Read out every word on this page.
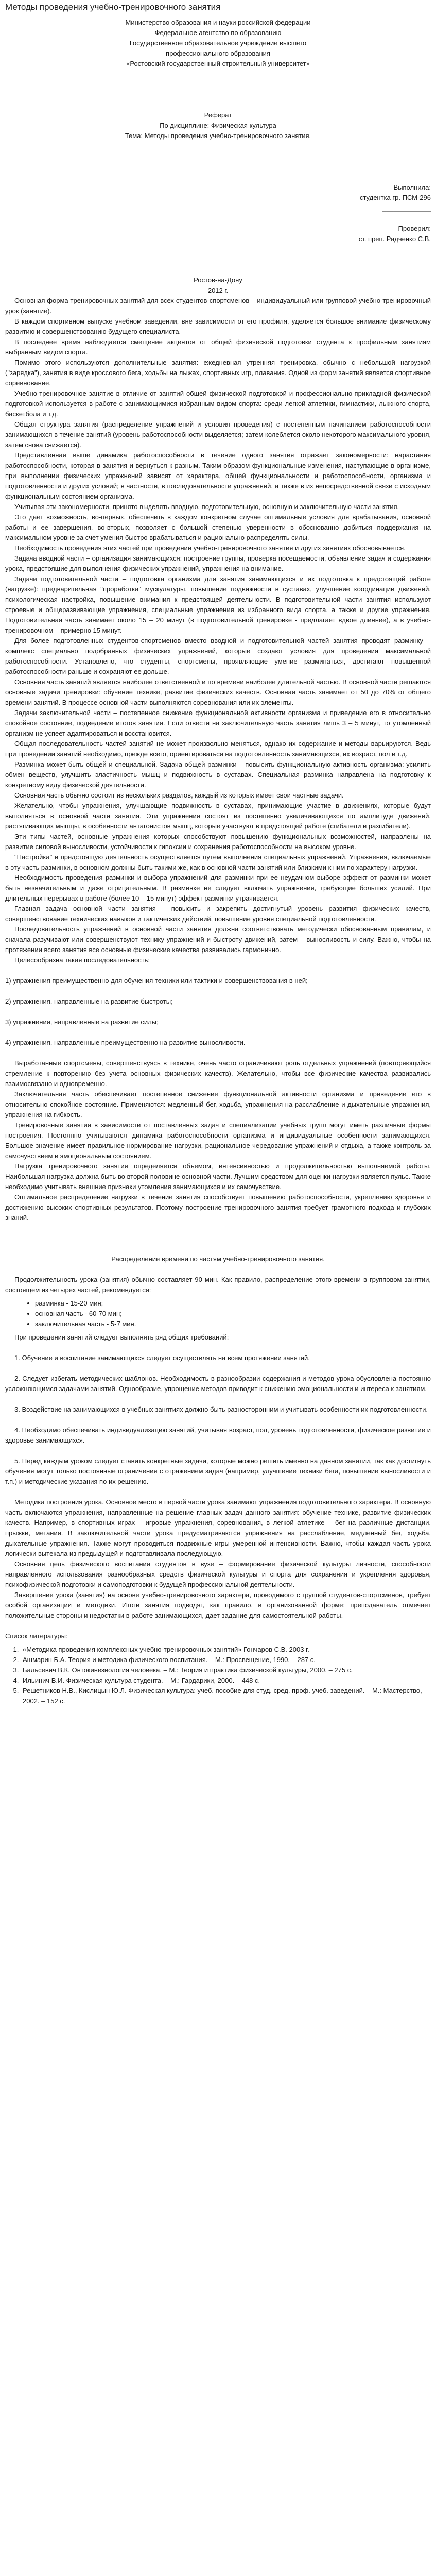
Методы проведения учебно-тренировочного занятия
Министерство образования и науки российской федерации
Федеральное агентство по образованию
Государственное образовательное учреждение высшего
профессионального образования
«Ростовский государственный строительный университет»
Реферат
По дисциплине: Физическая культура
Тема: Методы проведения учебно-тренировочного занятия.
Выполнила:
студентка гр. ПСМ-296
_____________
Проверил:
ст. преп. Радченко С.В.
Ростов-на-Дону
2012 г.

Основная форма тренировочных занятий для всех студентов-спортсменов – индивидуальный или групповой учебно-тренировочный урок (занятие).

В каждом спортивном выпуске учебном заведении, вне зависимости от его профиля, уделяется большое внимание физическому развитию и совершенствованию будущего специалиста.

В последнее время наблюдается смещение акцентов от общей физической подготовки студента к профильным занятиям выбранным видом спорта.

Помимо этого используются дополнительные занятия: ежедневная утренняя тренировка, обычно с небольшой нагрузкой ("зарядка"), занятия в виде кроссового бега, ходьбы на лыжах, спортивных игр, плавания. Одной из форм занятий является спортивное соревнование.

Учебно-тренировочное занятие в отличие от занятий общей физической подготовкой и профессионально-прикладной физической подготовкой используется в работе с занимающимися избранным видом спорта: среди легкой атлетики, гимнастики, лыжного спорта, баскетбола и т.д.

Общая структура занятия (распределение упражнений и условия проведения) с постепенным начинанием работоспособности занимающихся в течение занятий (уровень работоспособности выделяется; затем колеблется около некоторого максимального уровня, затем снова снижается).

Представленная выше динамика работоспособности в течение одного занятия отражает закономерности: нарастания работоспособности, которая в занятия и вернуться к разным. Таким образом функциональные изменения, наступающие в организме, при выполнении физических упражнений зависят от характера, общей функциональности и работоспособности, организма и подготовленности и других условий; в частности, в последовательности упражнений, а также в их непосредственной связи с исходным функциональным состоянием организма.

Учитывая эти закономерности, принято выделять вводную, подготовительную, основную и заключительную части занятия.

Это дает возможность, во-первых, обеспечить в каждом конкретном случае оптимальные условия для врабатывания, основной работы и ее завершения, во-вторых, позволяет с большой степенью уверенности в обоснованно добиться поддержания на максимальном уровне за счет умения быстро врабатываться и рационально распределять силы.

Необходимость проведения этих частей при проведении учебно-тренировочного занятия и других занятиях обосновывается.

Задача вводной части – организация занимающихся: построение группы, проверка посещаемости, объявление задач и содержания урока, предстоящие для выполнения физических упражнений, упражнения на внимание.

Задачи подготовительной части – подготовка организма для занятия занимающихся и их подготовка к предстоящей работе (нагрузке): предварительная "проработка" мускулатуры, повышение подвижности в суставах, улучшение координации движений, психологическая настройка, повышение внимания к предстоящей деятельности. В подготовительной части занятия используют строевые и общеразвивающие упражнения, специальные упражнения из избранного вида спорта, а также и другие упражнения. Подготовительная часть занимает около 15 – 20 минут (в подготовительной тренировке - предлагает вдвое длиннее), а в учебно-тренировочном – примерно 15 минут.

Для более подготовленных студентов-спортсменов вместо вводной и подготовительной частей занятия проводят разминку – комплекс специально подобранных физических упражнений, которые создают условия для проведения максимальной работоспособности. Установлено, что студенты, спортсмены, проявляющие умение разминаться, достигают повышенной работоспособности раньше и сохраняют ее дольше.

Основная часть занятий является наиболее ответственной и по времени наиболее длительной частью. В основной части решаются основные задачи тренировки: обучение технике, развитие физических качеств. Основная часть занимает от 50 до 70% от общего времени занятий. В процессе основной части выполняются соревнования или их элементы.

Задачи заключительной части – постепенное снижение функциональной активности организма и приведение его в относительно спокойное состояние, подведение итогов занятия. Если отвести на заключительную часть занятия лишь 3 – 5 минут, то утомленный организм не успеет адаптироваться и восстановится.

Общая последовательность частей занятий не может произвольно меняться, однако их содержание и методы варьируются. Ведь при проведении занятий необходимо, прежде всего, ориентироваться на подготовленность занимающихся, их возраст, пол и т.д.

Разминка может быть общей и специальной. Задача общей разминки – повысить функциональную активность организма: усилить обмен веществ, улучшить эластичность мышц и подвижность в суставах. Специальная разминка направлена на подготовку к конкретному виду физической деятельности.

Основная часть обычно состоит из нескольких разделов, каждый из которых имеет свои частные задачи.

Желательно, чтобы упражнения, улучшающие подвижность в суставах, принимающие участие в движениях, которые будут выполняться в основной части занятия. Эти упражнения состоят из постепенно увеличивающихся по амплитуде движений, растягивающих мышцы, в особенности антагонистов мышц, которые участвуют в предстоящей работе (сгибатели и разгибатели).

Эти типы частей, основные упражнения которых способствуют повышению функциональных возможностей, направлены на развитие силовой выносливости, устойчивости к гипоксии и сохранения работоспособности на высоком уровне.

"Настройка" и предстоящую деятельность осуществляется путем выполнения специальных упражнений. Упражнения, включаемые в эту часть разминки, в основном должны быть такими же, как в основной части занятий или близкими к ним по характеру нагрузки.

Необходимость проведения разминки и выбора упражнений для разминки при ее неудачном выборе эффект от разминки может быть незначительным и даже отрицательным. В разминке не следует включать упражнения, требующие больших усилий. При длительных перерывах в работе (более 10 – 15 минут) эффект разминки утрачивается.

Главная задача основной части занятия – повысить и закрепить достигнутый уровень развития физических качеств, совершенствование технических навыков и тактических действий, повышение уровня специальной подготовленности.

Последовательность упражнений в основной части занятия должна соответствовать методически обоснованным правилам, и сначала разучивают или совершенствуют технику упражнений и быстроту движений, затем – выносливость и силу. Важно, чтобы на протяжении всего занятия все основные физические качества развивались гармонично.

Целесообразна такая последовательность:

1) упражнения преимущественно для обучения техники или тактики и совершенствования в ней;

2) упражнения, направленные на развитие быстроты;

3) упражнения, направленные на развитие силы;

4) упражнения, направленные преимущественно на развитие выносливости.

Выработанные спортсмены, совершенствуясь в технике, очень часто ограничивают роль отдельных упражнений (повторяющийся стремление к повторению без учета основных физических качеств). Желательно, чтобы все физические качества развивались взаимосвязано и одновременно.

Заключительная часть обеспечивает постепенное снижение функциональной активности организма и приведение его в относительно спокойное состояние. Применяются: медленный бег, ходьба, упражнения на расслабление и дыхательные упражнения, упражнения на гибкость.

Тренировочные занятия в зависимости от поставленных задач и специализации учебных групп могут иметь различные формы построения. Постоянно учитываются динамика работоспособности организма и индивидуальные особенности занимающихся. Большое значение имеет правильное нормирование нагрузки, рациональное чередование упражнений и отдыха, а также контроль за самочувствием и эмоциональным состоянием.

Нагрузка тренировочного занятия определяется объемом, интенсивностью и продолжительностью выполняемой работы. Наибольшая нагрузка должна быть во второй половине основной части. Лучшим средством для оценки нагрузки является пульс. Также необходимо учитывать внешние признаки утомления занимающихся и их самочувствие.

Оптимальное распределение нагрузки в течение занятия способствует повышению работоспособности, укреплению здоровья и достижению высоких спортивных результатов. Поэтому построение тренировочного занятия требует грамотного подхода и глубоких знаний.

Распределение времени по частям учебно-тренировочного занятия.

Продолжительность урока (занятия) обычно составляет 90 мин. Как правило, распределение этого времени в групповом занятии, состоящем из четырех частей, рекомендуется:

• разминка - 15-20 мин;
• основная часть - 60-70 мин;
• заключительная часть - 5-7 мин.

При проведении занятий следует выполнять ряд общих требований:

1. Обучение и воспитание занимающихся следует осуществлять на всем протяжении занятий.

2. Следует избегать методических шаблонов. Необходимость в разнообразии содержания и методов урока обусловлена постоянно усложняющимся задачами занятий. Однообразие, упрощение методов приводит к снижению эмоциональности и интереса к занятиям.

3. Воздействие на занимающихся в учебных занятиях должно быть разносторонним и учитывать особенности их подготовленности.

4. Необходимо обеспечивать индивидуализацию занятий, учитывая возраст, пол, уровень подготовленности, физическое развитие и здоровье занимающихся.

5. Перед каждым уроком следует ставить конкретные задачи, которые можно решить именно на данном занятии, так как достигнуть обучения могут только постоянные ограничения с отражением задач (например, улучшение техники бега, повышение выносливости и т.п.) и методические указания по их решению.

Методика построения урока. Основное место в первой части урока занимают упражнения подготовительного характера. В основную часть включаются упражнения, направленные на решение главных задач данного занятия: обучение технике, развитие физических качеств. Например, в спортивных играх – игровые упражнения, соревнования, в легкой атлетике – бег на различные дистанции, прыжки, метания. В заключительной части урока предусматриваются упражнения на расслабление, медленный бег, ходьба, дыхательные упражнения. Также могут проводиться подвижные игры умеренной интенсивности. Важно, чтобы каждая часть урока логически вытекала из предыдущей и подготавливала последующую.

Основная цель физического воспитания студентов в вузе – формирование физической культуры личности, способности направленного использования разнообразных средств физической культуры и спорта для сохранения и укрепления здоровья, психофизической подготовки и самоподготовки к будущей профессиональной деятельности.

Завершение урока (занятия) на основе учебно-тренировочного характера, проводимого с группой студентов-спортсменов, требует особой организации и методики. Итоги занятия подводят, как правило, в организованной форме: преподаватель отмечает положительные стороны и недостатки в работе занимающихся, дает задание для самостоятельной работы.

Список литературы:

1. «Методика проведения комплексных учебно-тренировочных занятий» Гончаров С.В. 2003 г.
2. Ашмарин Б.А. Теория и методика физического воспитания. – М.: Просвещение, 1990. – 287 с.
3. Бальсевич В.К. Онтокинезиология человека. – М.: Теория и практика физической культуры, 2000. – 275 с.
4. Ильинич В.И. Физическая культура студента. – М.: Гардарики, 2000. – 448 с.
5. Решетников Н.В., Кислицын Ю.Л. Физическая культура: учеб. пособие для студ. сред. проф. учеб. заведений. – М.: Мастерство, 2002. – 152 с.
